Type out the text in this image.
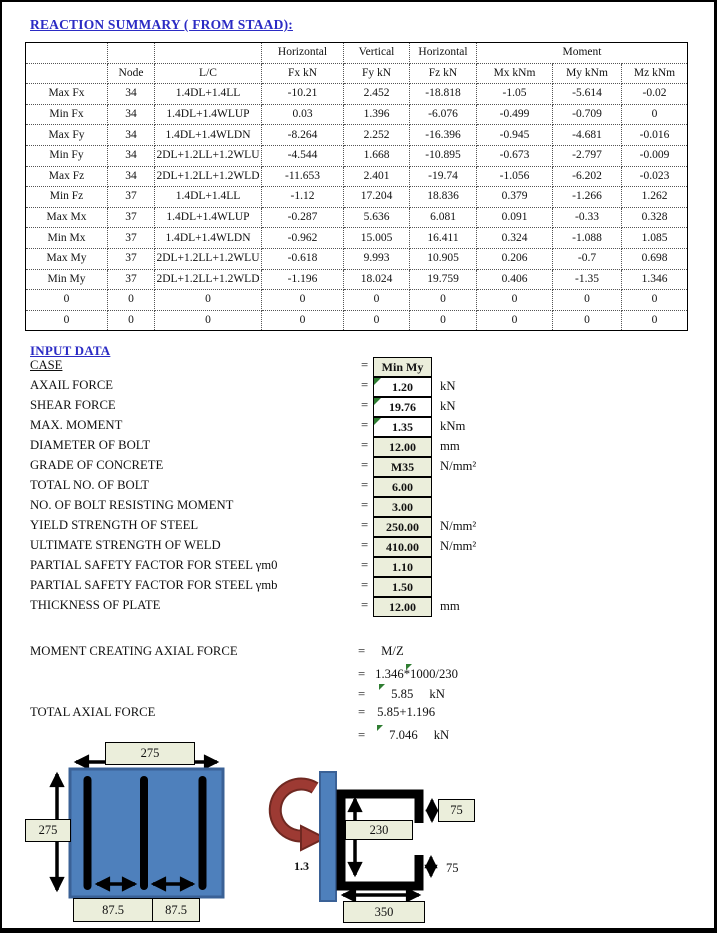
REACTION SUMMARY ( FROM STAAD):
			Horizontal	Vertical	Horizontal	Moment		
	Node	L/C	Fx kN	Fy kN	Fz kN	Mx kNm	My kNm	Mz kNm
Max Fx	34	1.4DL+1.4LL	-10.21	2.452	-18.818	-1.05	-5.614	-0.02
Min Fx	34	1.4DL+1.4WLUP	0.03	1.396	-6.076	-0.499	-0.709	0
Max Fy	34	1.4DL+1.4WLDN	-8.264	2.252	-16.396	-0.945	-4.681	-0.016
Min Fy	34	2DL+1.2LL+1.2WLU	-4.544	1.668	-10.895	-0.673	-2.797	-0.009
Max Fz	34	2DL+1.2LL+1.2WLD	-11.653	2.401	-19.74	-1.056	-6.202	-0.023
Min Fz	37	1.4DL+1.4LL	-1.12	17.204	18.836	0.379	-1.266	1.262
Max Mx	37	1.4DL+1.4WLUP	-0.287	5.636	6.081	0.091	-0.33	0.328
Min Mx	37	1.4DL+1.4WLDN	-0.962	15.005	16.411	0.324	-1.088	1.085
Max My	37	2DL+1.2LL+1.2WLU	-0.618	9.993	10.905	0.206	-0.7	0.698
Min My	37	2DL+1.2LL+1.2WLD	-1.196	18.024	19.759	0.406	-1.35	1.346
0	0	0	0	0	0	0	0	0
0	0	0	0	0	0	0	0	0
INPUT DATA
CASE	=	Min My
AXAIL FORCE	=	1.20	kN
SHEAR FORCE	=	19.76	kN
MAX. MOMENT	=	1.35	kNm
DIAMETER OF BOLT	=	12.00	mm
GRADE OF CONCRETE	=	M35	N/mm²
TOTAL NO. OF BOLT	=	6.00
NO. OF BOLT RESISTING MOMENT	=	3.00
YIELD STRENGTH OF STEEL	=	250.00	N/mm²
ULTIMATE STRENGTH OF WELD	=	410.00	N/mm²
PARTIAL SAFETY FACTOR FOR STEEL γm0	=	1.10
PARTIAL SAFETY FACTOR FOR STEEL γmb	=	1.50
THICKNESS OF PLATE	=	12.00	mm
MOMENT CREATING AXIAL FORCE	= M/Z
= 1.346*1000/230
= 5.85 kN
TOTAL AXIAL FORCE	= 5.85+1.196
= 7.046 kN
275
275
87.5	87.5
1.3
230
75
75
350
